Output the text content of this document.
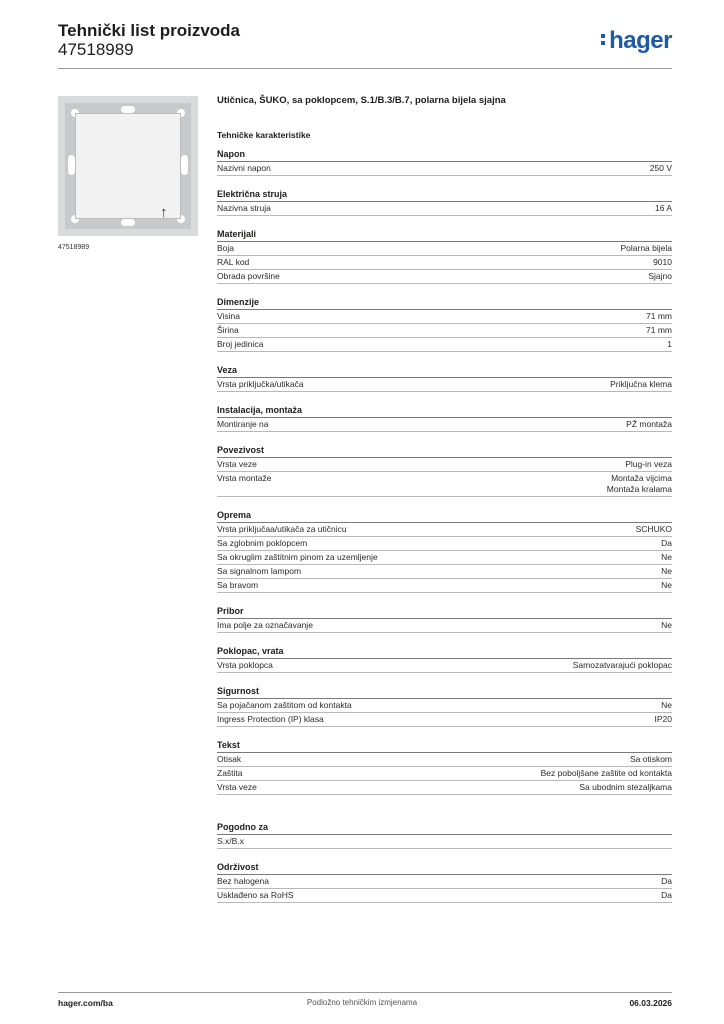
Tehnički list proizvoda
47518989	hager
↑
47518989
Utičnica, ŠUKO, sa poklopcem, S.1/B.3/B.7, polarna bijela sjajna
Tehničke karakteristike
Napon
Nazivni napon	250 V
Električna struja
Nazivna struja	16 A
Materijali
Boja	Polarna bijela
RAL kod	9010
Obrada površine	Sjajno
Dimenzije
Visina	71 mm
Širina	71 mm
Broj jedinica	1
Veza
Vrsta priključka/utikača	Priključna klema
Instalacija, montaža
Montiranje na	PŽ montaža
Povezivost
Vrsta veze	Plug-in veza
Vrsta montaže	Montaža vijcima
Montaža kralama
Oprema
Vrsta priključaa/utikača za utičnicu	SCHUKO
Sa zglobnim poklopcem	Da
Sa okruglim zaštitnim pinom za uzemljenje	Ne
Sa signalnom lampom	Ne
Sa bravom	Ne
Pribor
Ima polje za označavanje	Ne
Poklopac, vrata
Vrsta poklopca	Samozatvarajući poklopac
Sigurnost
Sa pojačanom zaštitom od kontakta	Ne
Ingress Protection (IP) klasa	IP20
Tekst
Otisak	Sa otiskom
Zaštita	Bez poboljšane zaštite od kontakta
Vrsta veze	Sa ubodnim stezaljkama
Pogodno za
S.x/B.x
Održivost
Bez halogena	Da
Usklađeno sa RoHS	Da
hager.com/ba	Podložno tehničkim izmjenama	06.03.2026
